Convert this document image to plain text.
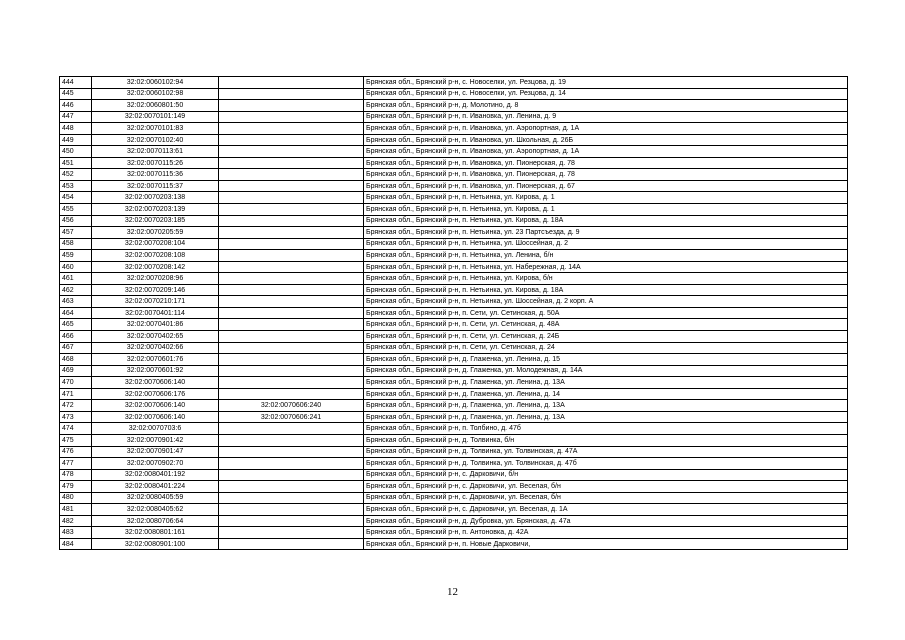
444	32:02:0060102:94		Брянская обл., Брянский р-н, с. Новоселки, ул. Резцова, д. 19
445	32:02:0060102:98		Брянская обл., Брянский р-н, с. Новоселки, ул. Резцова, д. 14
446	32:02:0060801:50		Брянская обл., Брянский р-н, д. Молотино, д. 8
447	32:02:0070101:149		Брянская обл., Брянский р-н, п. Ивановка, ул. Ленина, д. 9
448	32:02:0070101:83		Брянская обл., Брянский р-н, п. Ивановка, ул. Аэропортная, д. 1А
449	32:02:0070102:40		Брянская обл., Брянский р-н, п. Ивановка, ул. Школьная, д. 26Б
450	32:02:0070113:61		Брянская обл., Брянский р-н, п. Ивановка, ул. Аэропортная, д. 1А
451	32:02:0070115:26		Брянская обл., Брянский р-н, п. Ивановка, ул. Пионерская, д. 78
452	32:02:0070115:36		Брянская обл., Брянский р-н, п. Ивановка, ул. Пионерская, д. 78
453	32:02:0070115:37		Брянская обл., Брянский р-н, п. Ивановка, ул. Пионерская, д. 67
454	32:02:0070203:138		Брянская обл., Брянский р-н, п. Нетьинка, ул. Кирова, д. 1
455	32:02:0070203:139		Брянская обл., Брянский р-н, п. Нетьинка, ул. Кирова, д. 1
456	32:02:0070203:185		Брянская обл., Брянский р-н, п. Нетьинка, ул. Кирова, д. 18А
457	32:02:0070205:59		Брянская обл., Брянский р-н, п. Нетьинка, ул. 23 Партсъезда, д. 9
458	32:02:0070208:104		Брянская обл., Брянский р-н, п. Нетьинка, ул. Шоссейная, д. 2
459	32:02:0070208:108		Брянская обл., Брянский р-н, п. Нетьинка, ул. Ленина, б/н
460	32:02:0070208:142		Брянская обл., Брянский р-н, п. Нетьинка, ул. Набережная, д. 14А
461	32:02:0070208:96		Брянская обл., Брянский р-н, п. Нетьинка, ул. Кирова, б/н
462	32:02:0070209:146		Брянская обл., Брянский р-н, п. Нетьинка, ул. Кирова, д. 18А
463	32:02:0070210:171		Брянская обл., Брянский р-н, п. Нетьинка, ул. Шоссейная, д. 2 корп. А
464	32:02:0070401:114		Брянская обл., Брянский р-н, п. Сети, ул. Сетинская, д. 50А
465	32:02:0070401:86		Брянская обл., Брянский р-н, п. Сети, ул. Сетинская, д. 48А
466	32:02:0070402:65		Брянская обл., Брянский р-н, п. Сети, ул. Сетинская, д. 24Б
467	32:02:0070402:66		Брянская обл., Брянский р-н, п. Сети, ул. Сетинская, д. 24
468	32:02:0070601:76		Брянская обл., Брянский р-н, д. Глаженка, ул. Ленина, д. 15
469	32:02:0070601:92		Брянская обл., Брянский р-н, д. Глаженка, ул. Молодежная, д. 14А
470	32:02:0070606:140		Брянская обл., Брянский р-н, д. Глаженка, ул. Ленина, д. 13А
471	32:02:0070606:176		Брянская обл., Брянский р-н, д. Глаженка, ул. Ленина, д. 14
472	32:02:0070606:140	32:02:0070606:240	Брянская обл., Брянский р-н, д. Глаженка, ул. Ленина, д. 13А
473	32:02:0070606:140	32:02:0070606:241	Брянская обл., Брянский р-н, д. Глаженка, ул. Ленина, д. 13А
474	32:02:0070703:6		Брянская обл., Брянский р-н, п. Толбино, д. 47б
475	32:02:0070901:42		Брянская обл., Брянский р-н, д. Толвинка, б/н
476	32:02:0070901:47		Брянская обл., Брянский р-н, д. Толвинка, ул. Толвинская, д. 47А
477	32:02:0070902:70		Брянская обл., Брянский р-н, д. Толвинка, ул. Толвинская, д. 47б
478	32:02:0080401:192		Брянская обл., Брянский р-н, с. Дарковичи, б/н
479	32:02:0080401:224		Брянская обл., Брянский р-н, с. Дарковичи, ул. Веселая, б/н
480	32:02:0080405:59		Брянская обл., Брянский р-н, с. Дарковичи, ул. Веселая, б/н
481	32:02:0080405:62		Брянская обл., Брянский р-н, с. Дарковичи, ул. Веселая, д. 1А
482	32:02:0080706:64		Брянская обл., Брянский р-н, д. Дубровка, ул. Брянская, д. 47а
483	32:02:0080801:161		Брянская обл., Брянский р-н, п. Антоновка, д. 42А
484	32:02:0080901:100		Брянская обл., Брянский р-н, п. Новые Дарковичи,
12
